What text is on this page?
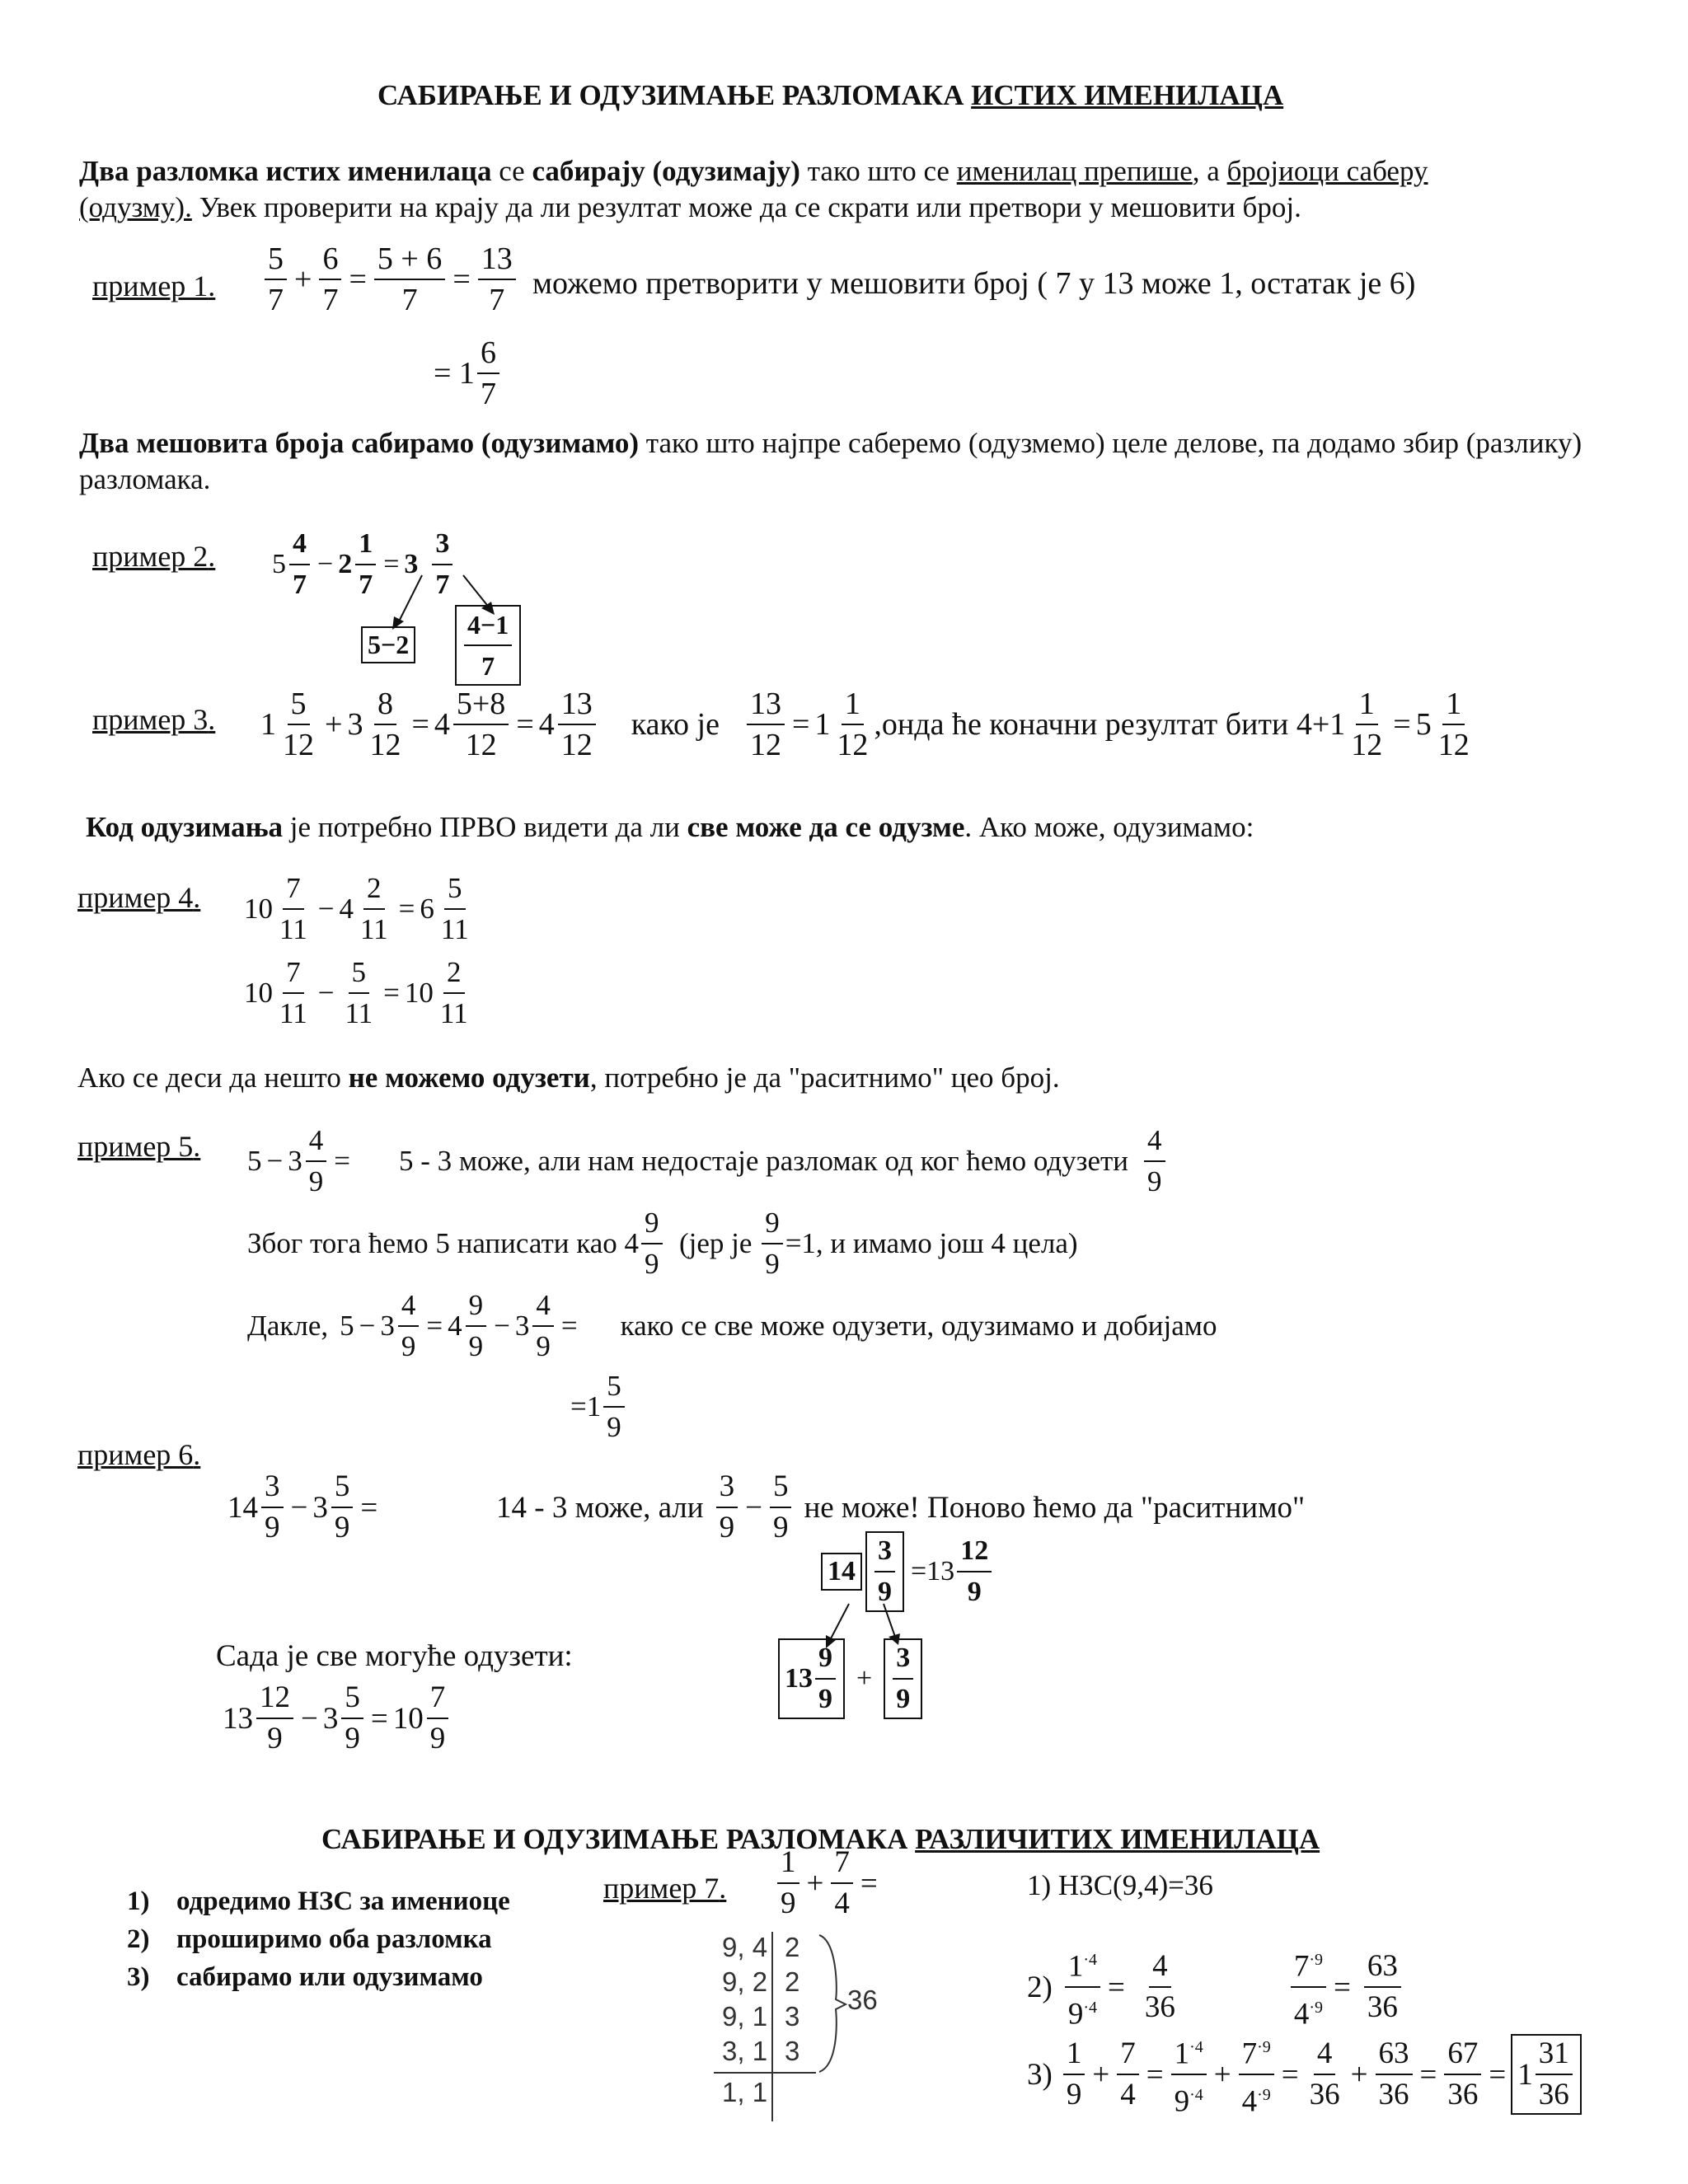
САБИРАЊЕ И ОДУЗИМАЊЕ РАЗЛОМАКА ИСТИХ ИМЕНИЛАЦА
Два разломка истих именилаца се сабирају (одузимају) тако што се именилац препише, а бројиоци саберу
(одузму). Увек проверити на крају да ли резултат може да се скрати или претвори у мешовити број.
пример 1. $\frac{5}{7} + \frac{6}{7} = \frac{5 + 6}{7} = \frac{13}{7}$ можемо претворити у мешовити број ( 7 у 13 може 1, остатак је 6)
= $1 \frac{6}{7}$
Два мешовита броја сабирамо (одузимамо) тако што најпре саберемо (одузмемо) целе делове, па додамо збир (разлику) разломака.
пример 2. $5 \frac{4}{7} - 2 \frac{1}{7} = 3 \frac{3}{7}$
$5-2 \frac{4-1}{7}$
пример 3. $1 \frac{5}{12} + 3 \frac{8}{12} = 4 \frac{5+8}{12} = 4 \frac{13}{12}$ како је $\frac{13}{12} = 1 \frac{1}{12}$ ,онда ће коначни резултат бити $4+1 \frac{1}{12} = 5 \frac{1}{12}$
Код одузимања је потребно ПРВО видети да ли све може да се одузме. Ако може, одузимамо:
пример 4. $10 \frac{7}{11} - 4 \frac{2}{11} = 6 \frac{5}{11}$
$10 \frac{7}{11} - \frac{5}{11} = 10 \frac{2}{11}$
Ако се деси да нешто не можемо одузети, потребно је да "раситнимо" цео број.
пример 5. $5 - 3 \frac{4}{9} = 5 - 3$ може, али нам недостаје разломак од ког ћемо одузети $\frac{4}{9}$
Због тога ћемо 5 написати као $4 \frac{9}{9} (јер$ је $\frac{9}{9} =1$, и имамо још 4 цела)
Дакле, $5 - 3 \frac{4}{9} = 4 \frac{9}{9} - 3 \frac{4}{9}$ = како се све може одузети, одузимамо и добијамо
$=1 \frac{5}{9}$
пример 6.
$14 \frac{3}{9} - 3 \frac{5}{9}$ =	14 - 3 може, али $\frac{3}{9} - \frac{5}{9}$ не може! Поново ћемо да "раситнимо"
$14 \frac{3}{9} =13 \frac{12}{9}$
$13 \frac{9}{9} + \frac{3}{9}$
Сада је све могуће одузети:
$13 \frac{12}{9} - 3 \frac{5}{9} = 10 \frac{7}{9}$
САБИРАЊЕ И ОДУЗИМАЊЕ РАЗЛОМАКА РАЗЛИЧИТИХ ИМЕНИЛАЦА
1) одредимо НЗС за имениоце
2) проширимо оба разломка
3) сабирамо или одузимамо
пример 7. $\frac{1}{9} + \frac{7}{4}$ =
9, 4 2
9, 2 2
9, 1 3
3, 1 3
1, 1
36
1) НЗС(9,4)=36
$2) \frac{1^{\cdot 4}}{9^{\cdot 4}} = \frac{4}{36}$	$\frac{7^{\cdot 9}}{4^{\cdot 9}} = \frac{63}{36}$
$3) \frac{1}{9} + \frac{7}{4} = \frac{1^{\cdot 4}}{9^{\cdot 4}} + \frac{7^{\cdot 9}}{4^{\cdot 9}} = \frac{4}{36} + \frac{63}{36} = \frac{67}{36} = 1 \frac{31}{36}$
